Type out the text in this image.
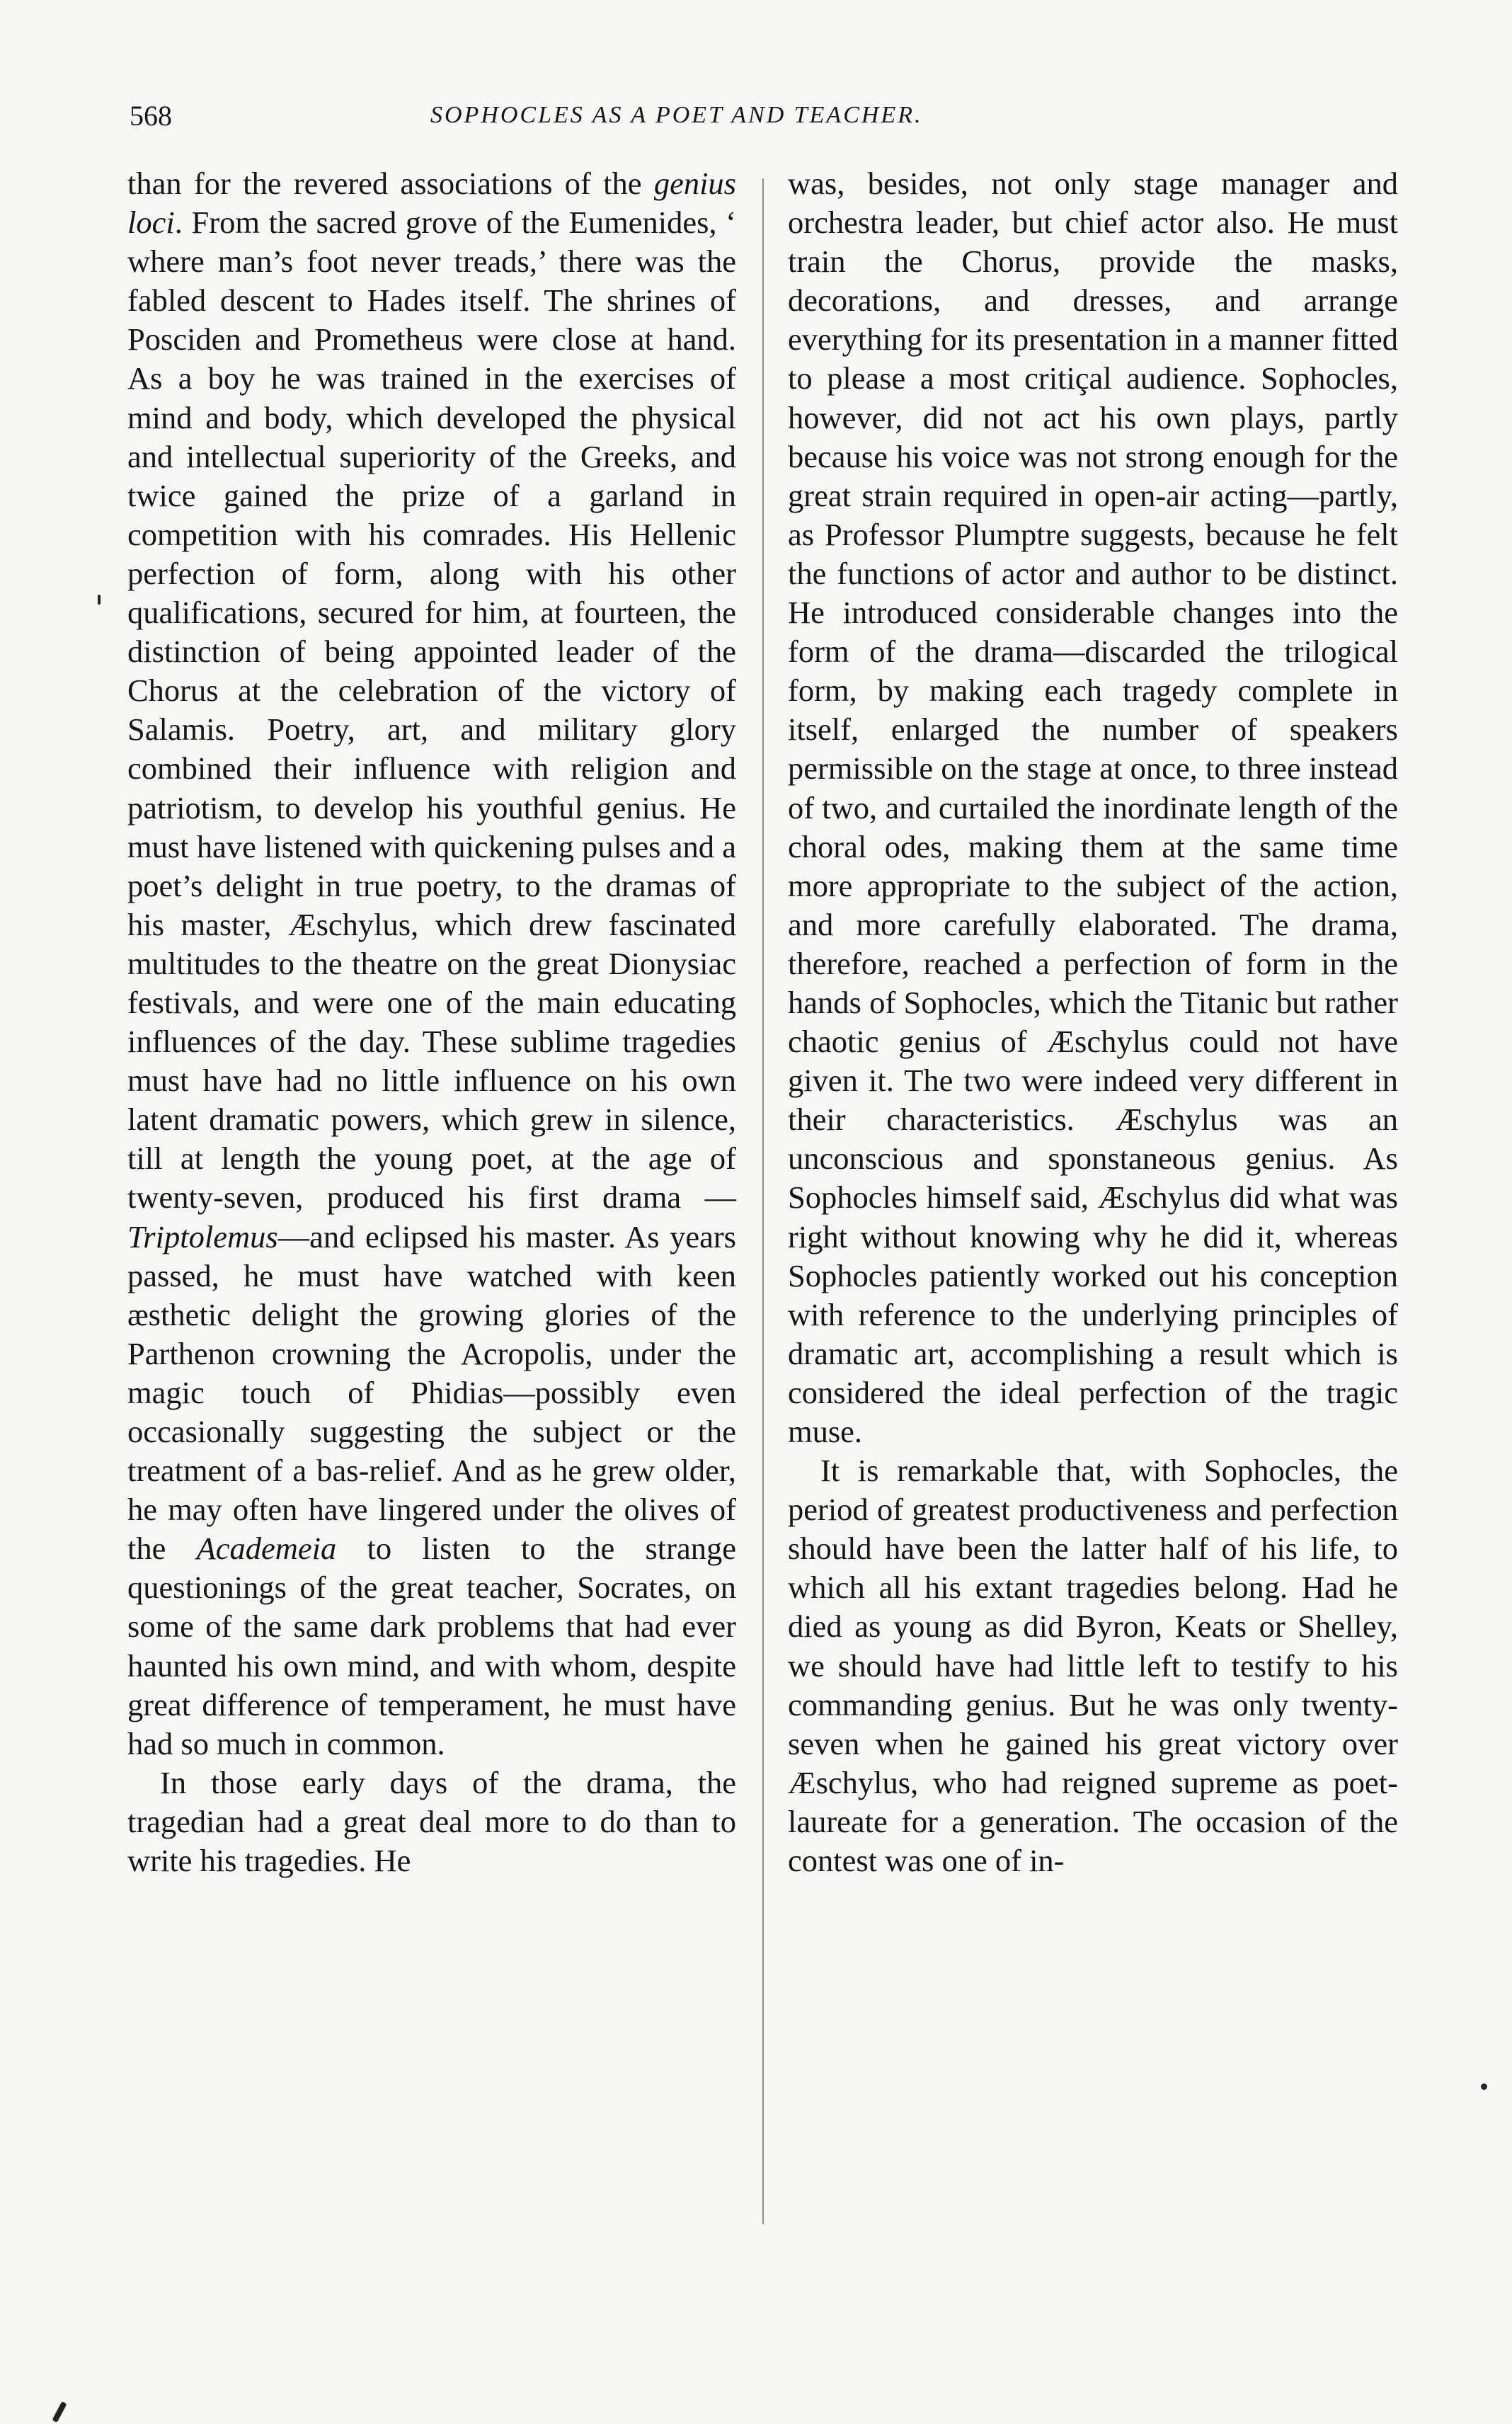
568	SOPHOCLES AS A POET AND TEACHER.

than for the revered associations of the genius loci. From the sacred grove of the Eumenides, ‘ where man’s foot never treads,’ there was the fabled descent to Hades itself. The shrines of Posciden and Prometheus were close at hand. As a boy he was trained in the exercises of mind and body, which developed the physical and intellectual superiority of the Greeks, and twice gained the prize of a garland in competition with his comrades. His Hellenic perfection of form, along with his other qualifications, secured for him, at fourteen, the distinction of being appointed leader of the Chorus at the celebration of the victory of Salamis. Poetry, art, and military glory combined their influence with religion and patriotism, to develop his youthful genius. He must have listened with quickening pulses and a poet’s delight in true poetry, to the dramas of his master, Æschylus, which drew fascinated multitudes to the theatre on the great Dionysiac festivals, and were one of the main educating influences of the day. These sublime tragedies must have had no little influence on his own latent dramatic powers, which grew in silence, till at length the young poet, at the age of twenty-seven, produced his first drama —Triptolemus—and eclipsed his master. As years passed, he must have watched with keen æsthetic delight the growing glories of the Parthenon crowning the Acropolis, under the magic touch of Phidias—possibly even occasionally suggesting the subject or the treatment of a bas-relief. And as he grew older, he may often have lingered under the olives of the Academeia to listen to the strange questionings of the great teacher, Socrates, on some of the same dark problems that had ever haunted his own mind, and with whom, despite great difference of temperament, he must have had so much in common.

In those early days of the drama, the tragedian had a great deal more to do than to write his tragedies. He

was, besides, not only stage manager and orchestra leader, but chief actor also. He must train the Chorus, provide the masks, decorations, and dresses, and arrange everything for its presentation in a manner fitted to please a most critiçal audience. Sophocles, however, did not act his own plays, partly because his voice was not strong enough for the great strain required in open-air acting—partly, as Professor Plumptre suggests, because he felt the functions of actor and author to be distinct. He introduced considerable changes into the form of the drama—discarded the trilogical form, by making each tragedy complete in itself, enlarged the number of speakers permissible on the stage at once, to three instead of two, and curtailed the inordinate length of the choral odes, making them at the same time more appropriate to the subject of the action, and more carefully elaborated. The drama, therefore, reached a perfection of form in the hands of Sophocles, which the Titanic but rather chaotic genius of Æschylus could not have given it. The two were indeed very different in their characteristics. Æschylus was an unconscious and sponstaneous genius. As Sophocles himself said, Æschylus did what was right without knowing why he did it, whereas Sophocles patiently worked out his conception with reference to the underlying principles of dramatic art, accomplishing a result which is considered the ideal perfection of the tragic muse.

It is remarkable that, with Sophocles, the period of greatest productiveness and perfection should have been the latter half of his life, to which all his extant tragedies belong. Had he died as young as did Byron, Keats or Shelley, we should have had little left to testify to his commanding genius. But he was only twenty-seven when he gained his great victory over Æschylus, who had reigned supreme as poet-laureate for a generation. The occasion of the contest was one of in-
